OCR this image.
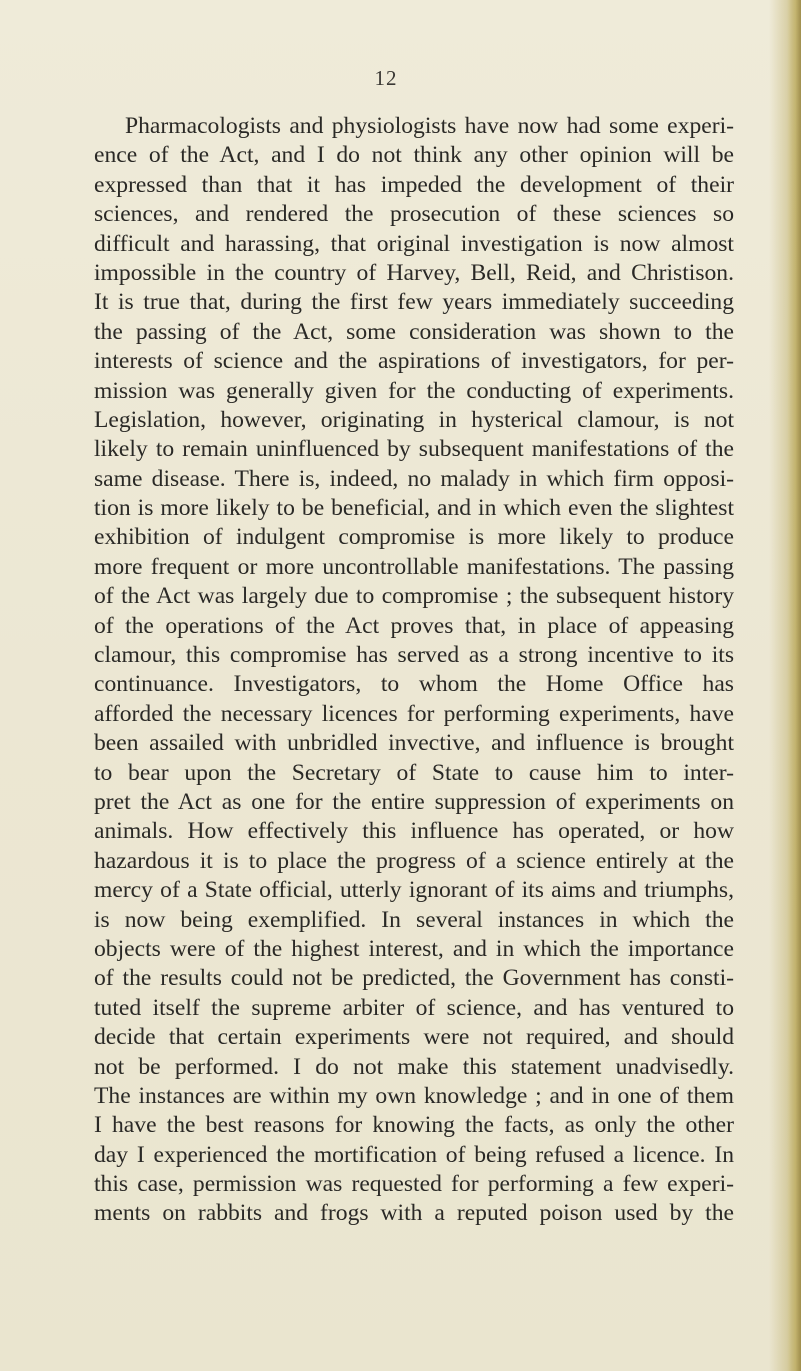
12
Pharmacologists and physiologists have now had some experi-
ence of the Act, and I do not think any other opinion will be
expressed than that it has impeded the development of their
sciences, and rendered the prosecution of these sciences so
difficult and harassing, that original investigation is now almost
impossible in the country of Harvey, Bell, Reid, and Christison.
It is true that, during the first few years immediately succeeding
the passing of the Act, some consideration was shown to the
interests of science and the aspirations of investigators, for per-
mission was generally given for the conducting of experiments.
Legislation, however, originating in hysterical clamour, is not
likely to remain uninfluenced by subsequent manifestations of the
same disease. There is, indeed, no malady in which firm opposi-
tion is more likely to be beneficial, and in which even the slightest
exhibition of indulgent compromise is more likely to produce
more frequent or more uncontrollable manifestations. The passing
of the Act was largely due to compromise ; the subsequent history
of the operations of the Act proves that, in place of appeasing
clamour, this compromise has served as a strong incentive to its
continuance. Investigators, to whom the Home Office has
afforded the necessary licences for performing experiments, have
been assailed with unbridled invective, and influence is brought
to bear upon the Secretary of State to cause him to inter-
pret the Act as one for the entire suppression of experiments on
animals. How effectively this influence has operated, or how
hazardous it is to place the progress of a science entirely at the
mercy of a State official, utterly ignorant of its aims and triumphs,
is now being exemplified. In several instances in which the
objects were of the highest interest, and in which the importance
of the results could not be predicted, the Government has consti-
tuted itself the supreme arbiter of science, and has ventured to
decide that certain experiments were not required, and should
not be performed. I do not make this statement unadvisedly.
The instances are within my own knowledge ; and in one of them
I have the best reasons for knowing the facts, as only the other
day I experienced the mortification of being refused a licence. In
this case, permission was requested for performing a few experi-
ments on rabbits and frogs with a reputed poison used by the
